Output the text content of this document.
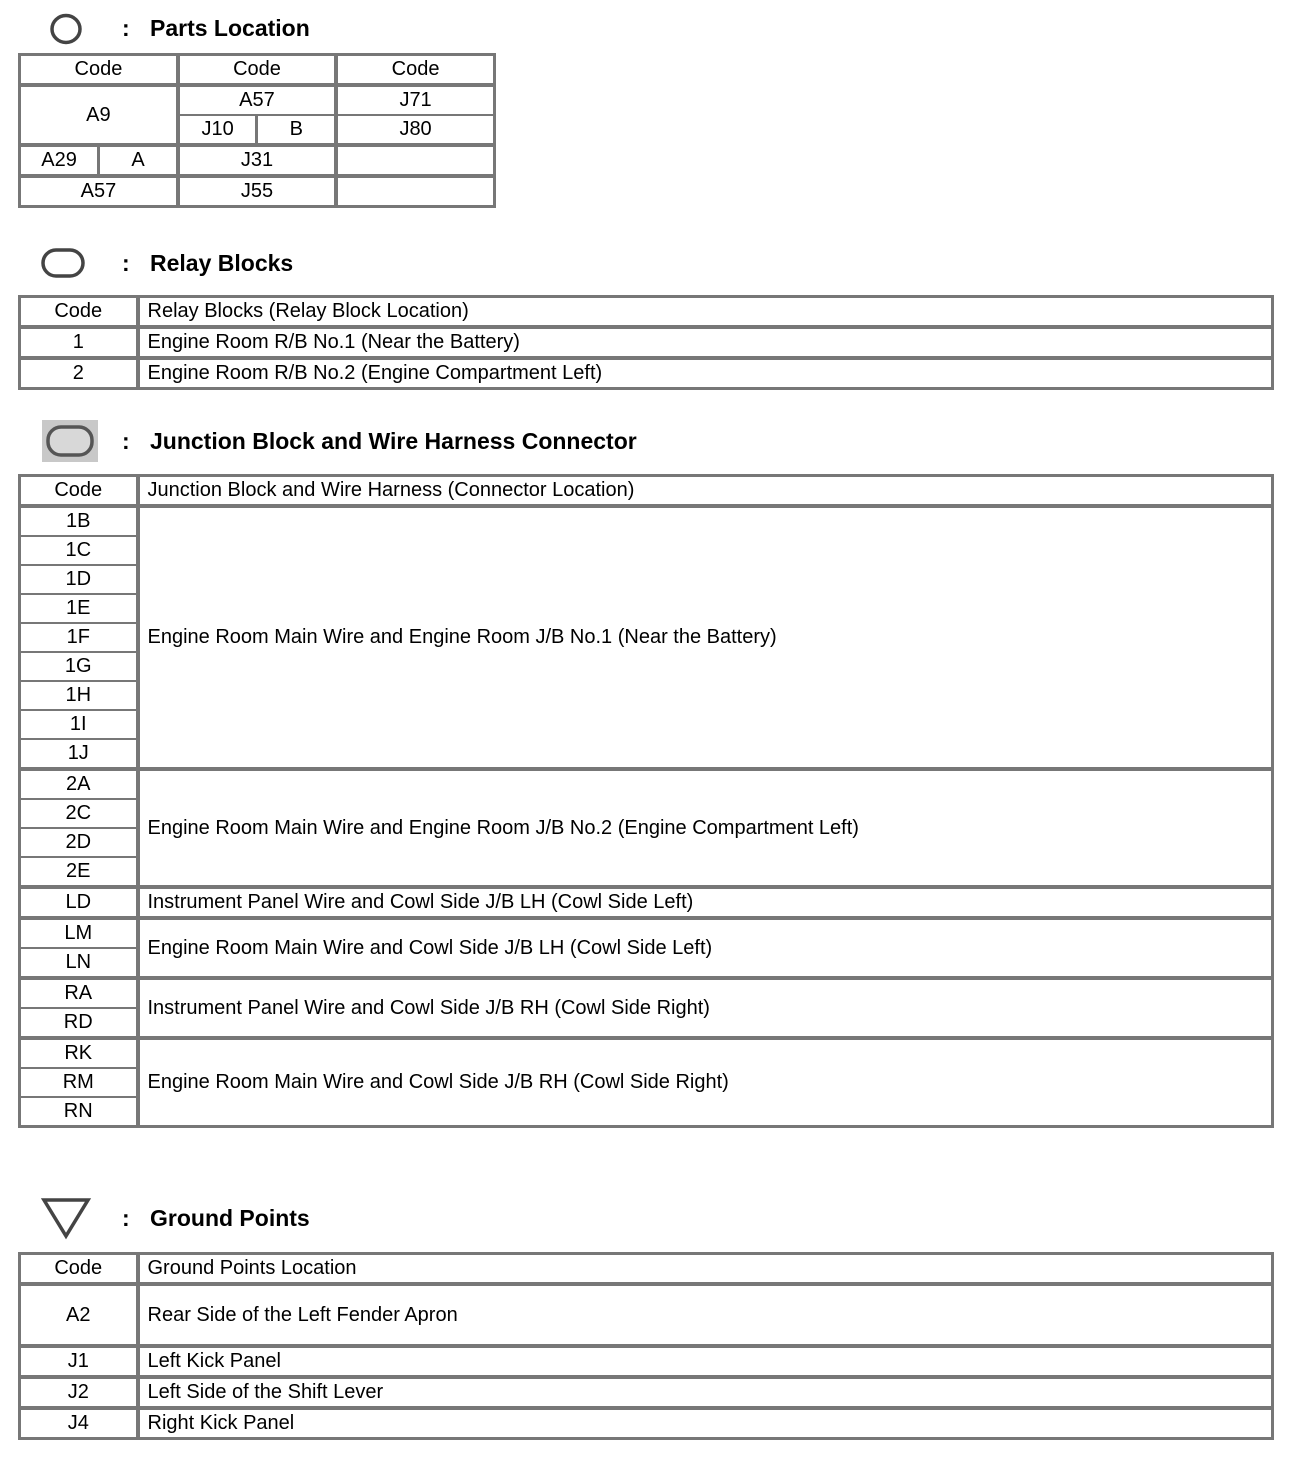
: Parts Location
Code		Code		Code
A9		A57		J71
		J10	B	J80
A29	A	J31		
A57		J55		
: Relay Blocks
Code	Relay Blocks (Relay Block Location)
1	Engine Room R/B No.1 (Near the Battery)
2	Engine Room R/B No.2 (Engine Compartment Left)
: Junction Block and Wire Harness Connector
Code	Junction Block and Wire Harness (Connector Location)
1B	Engine Room Main Wire and Engine Room J/B No.1 (Near the Battery)
1C	
1D	
1E	
1F	
1G	
1H	
1I	
1J	
2A	Engine Room Main Wire and Engine Room J/B No.2 (Engine Compartment Left)
2C	
2D	
2E	
LD	Instrument Panel Wire and Cowl Side J/B LH (Cowl Side Left)
LM	Engine Room Main Wire and Cowl Side J/B LH (Cowl Side Left)
LN	
RA	Instrument Panel Wire and Cowl Side J/B RH (Cowl Side Right)
RD	
RK	Engine Room Main Wire and Cowl Side J/B RH (Cowl Side Right)
RM	
RN	
: Ground Points
Code	Ground Points Location
A2	Rear Side of the Left Fender Apron
J1	Left Kick Panel
J2	Left Side of the Shift Lever
J4	Right Kick Panel
